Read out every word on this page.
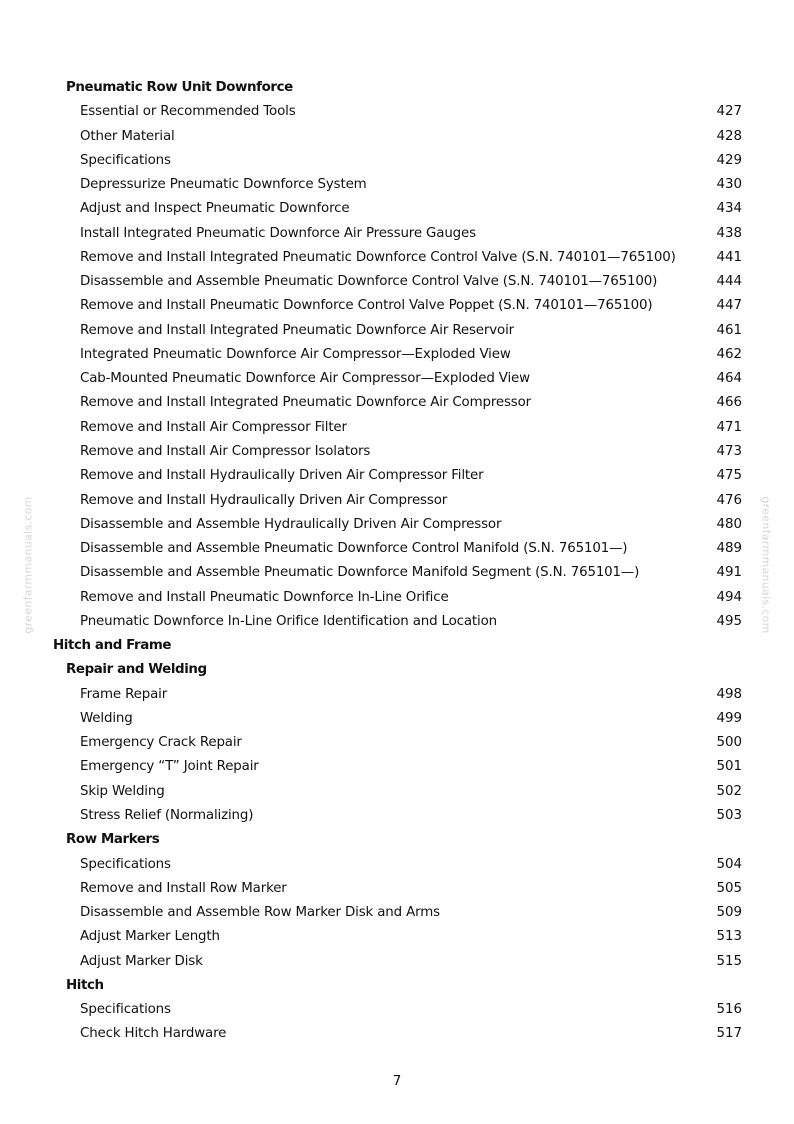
Pneumatic Row Unit Downforce
Essential or Recommended Tools	427
Other Material	428
Specifications	429
Depressurize Pneumatic Downforce System	430
Adjust and Inspect Pneumatic Downforce	434
Install Integrated Pneumatic Downforce Air Pressure Gauges	438
Remove and Install Integrated Pneumatic Downforce Control Valve (S.N. 740101—765100)	441
Disassemble and Assemble Pneumatic Downforce Control Valve (S.N. 740101—765100)	444
Remove and Install Pneumatic Downforce Control Valve Poppet (S.N. 740101—765100)	447
Remove and Install Integrated Pneumatic Downforce Air Reservoir	461
Integrated Pneumatic Downforce Air Compressor—Exploded View	462
Cab-Mounted Pneumatic Downforce Air Compressor—Exploded View	464
Remove and Install Integrated Pneumatic Downforce Air Compressor	466
Remove and Install Air Compressor Filter	471
Remove and Install Air Compressor Isolators	473
Remove and Install Hydraulically Driven Air Compressor Filter	475
Remove and Install Hydraulically Driven Air Compressor	476
Disassemble and Assemble Hydraulically Driven Air Compressor	480
Disassemble and Assemble Pneumatic Downforce Control Manifold (S.N. 765101—)	489
Disassemble and Assemble Pneumatic Downforce Manifold Segment (S.N. 765101—)	491
Remove and Install Pneumatic Downforce In-Line Orifice	494
Pneumatic Downforce In-Line Orifice Identification and Location	495
Hitch and Frame
Repair and Welding
Frame Repair	498
Welding	499
Emergency Crack Repair	500
Emergency “T” Joint Repair	501
Skip Welding	502
Stress Relief (Normalizing)	503
Row Markers
Specifications	504
Remove and Install Row Marker	505
Disassemble and Assemble Row Marker Disk and Arms	509
Adjust Marker Length	513
Adjust Marker Disk	515
Hitch
Specifications	516
Check Hitch Hardware	517
greenfarmmanuals.com	greenfarmmanuals.com
7
